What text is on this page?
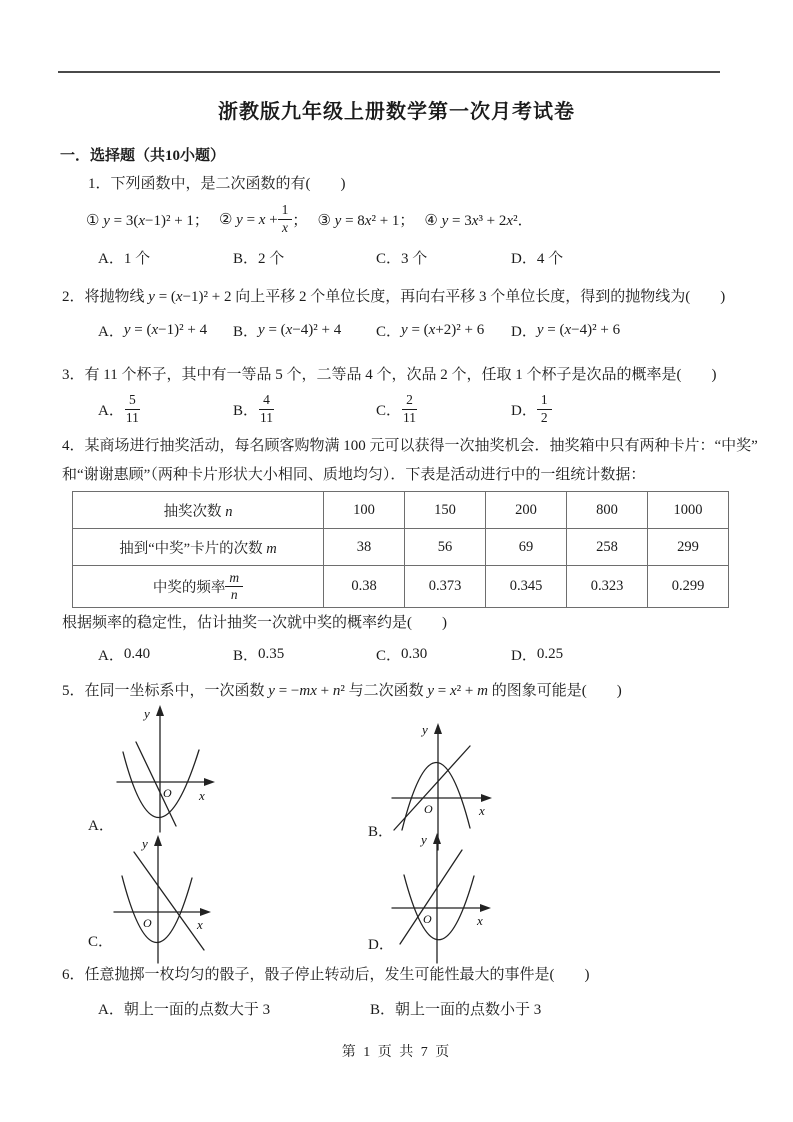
浙教版九年级上册数学第一次月考试卷
一．选择题（共10小题）
1．下列函数中，是二次函数的有(　　)
① y = 3(x−1)² + 1； ② $y = x + \frac{1}{x}$ ； ③ y = 8x² + 1； ④ y = 3x³ + 2x²．
A． 1 个	B． 2 个	C． 3 个	D． 4 个
2．将抛物线 y = (x−1)² + 2 向上平移 2 个单位长度，再向右平移 3 个单位长度，得到的抛物线为(　　)
A． y = (x−1)² + 4 B． y = (x−4)² + 4 C． y = (x+2)² + 6 D． y = (x−4)² + 6
3．有 11 个杯子，其中有一等品 5 个，二等品 4 个，次品 2 个，任取 1 个杯子是次品的概率是(　　)
A． $\frac{5}{11}$	B． $\frac{4}{11}$	C． $\frac{2}{11}$	D． $\frac{1}{2}$
4．某商场进行抽奖活动，每名顾客购物满 100 元可以获得一次抽奖机会．抽奖箱中只有两种卡片：“中奖”
和“谢谢惠顾”（两种卡片形状大小相同、质地均匀）．下表是活动进行中的一组统计数据：
抽奖次数 n	100	150	200	800	1000
抽到“中奖”卡片的次数 m	38	56	69	258	299

中奖的频率 $\frac{m}{n}$	0.38	0.373	0.345	0.323	0.299
根据频率的稳定性，估计抽奖一次就中奖的概率约是(　　)
A． 0.40	B． 0.35	C． 0.30	D． 0.25
5．在同一坐标系中，一次函数 y = −mx + n² 与二次函数 y = x² + m 的图象可能是(　　)
y
x
O
A．
y
x
O
B．
y
x
O
C．
y
x
O
D．
6．任意抛掷一枚均匀的骰子，骰子停止转动后，发生可能性最大的事件是(　　)
A． 朝上一面的点数大于 3	B． 朝上一面的点数小于 3
第 1 页 共 7 页
